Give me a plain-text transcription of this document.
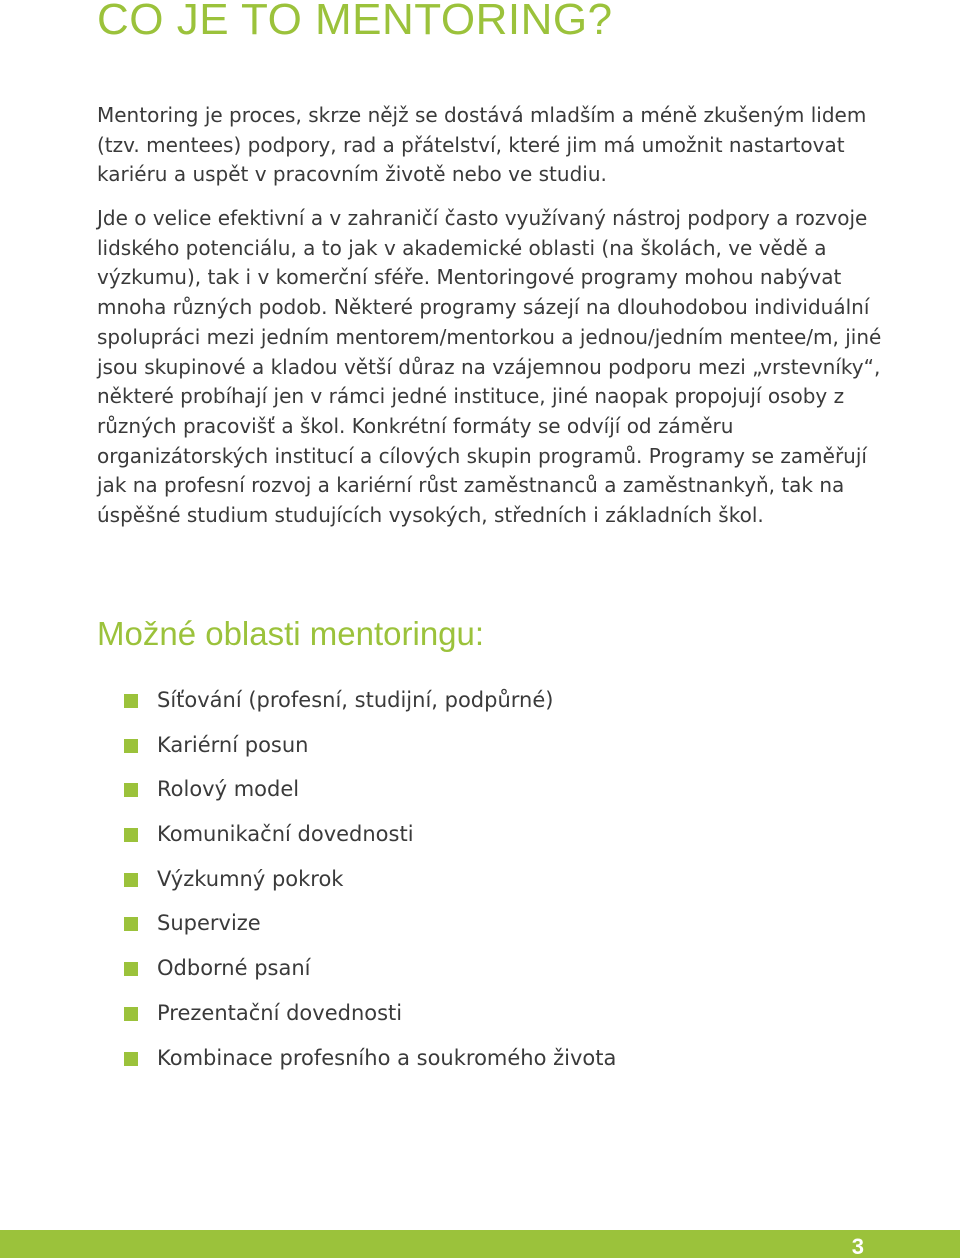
CO JE TO MENTORING?

Mentoring je proces, skrze nějž se dostává mladším a méně zkušeným lidem (tzv. mentees) podpory, rad a přátelství, které jim má umožnit nastartovat kariéru a uspět v pracovním životě nebo ve studiu.

Jde o velice efektivní a v zahraničí často využívaný nástroj podpory a rozvoje lidského potenciálu, a to jak v akademické oblasti (na školách, ve vědě a výzkumu), tak i v komerční sféře. Mentoringové programy mohou nabývat mnoha různých podob. Některé programy sázejí na dlouhodobou individuální spolupráci mezi jedním mentorem/mentorkou a jednou/jedním mentee/m, jiné jsou skupinové a kladou větší důraz na vzájemnou podporu mezi „vrstevníky“, některé probíhají jen v rámci jedné instituce, jiné naopak propojují osoby z různých pracovišť a škol. Konkrétní formáty se odvíjí od záměru organizátorských institucí a cílových skupin programů. Programy se zaměřují jak na profesní rozvoj a kariérní růst zaměstnanců a zaměstnankyň, tak na úspěšné studium studujících vysokých, středních i základních škol.

Možné oblasti mentoringu:
Síťování (profesní, studijní, podpůrné)
Kariérní posun
Rolový model
Komunikační dovednosti
Výzkumný pokrok
Supervize
Odborné psaní
Prezentační dovednosti
Kombinace profesního a soukromého života
3
